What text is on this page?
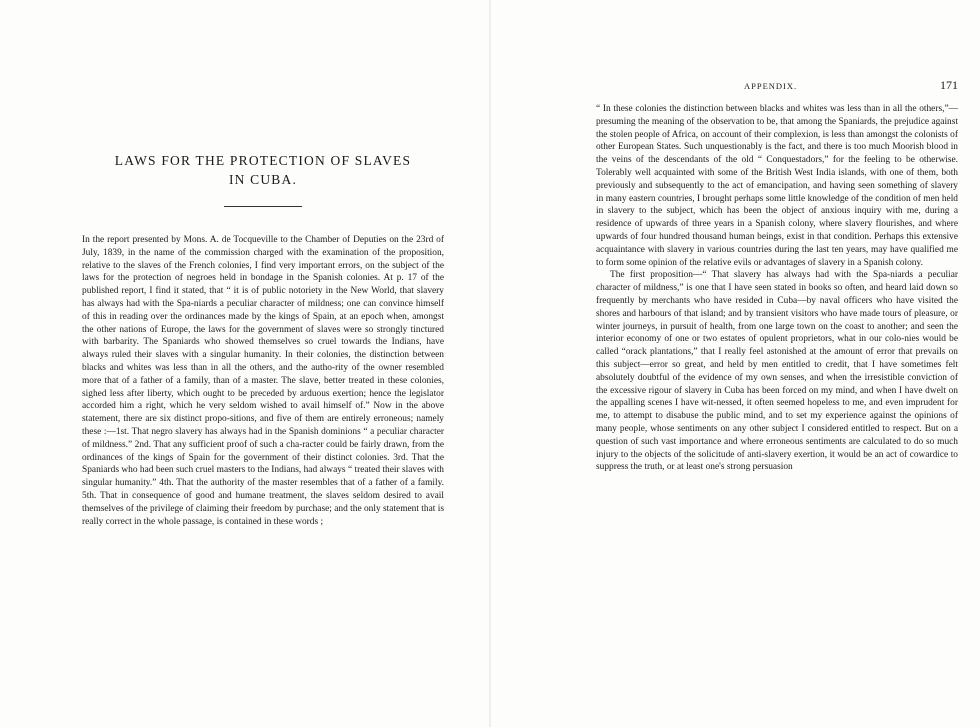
LAWS FOR THE PROTECTION OF SLAVES
IN CUBA.

In the report presented by Mons. A. de Tocqueville to the Chamber of Deputies on the 23rd of July, 1839, in the name of the commission charged with the examination of the proposition, relative to the slaves of the French colonies, I find very important errors, on the subject of the laws for the protection of negroes held in bondage in the Spanish colonies. At p. 17 of the published report, I find it stated, that “ it is of public notoriety in the New World, that slavery has always had with the Spa-niards a peculiar character of mildness; one can convince himself of this in reading over the ordinances made by the kings of Spain, at an epoch when, amongst the other nations of Europe, the laws for the government of slaves were so strongly tinctured with barbarity. The Spaniards who showed themselves so cruel towards the Indians, have always ruled their slaves with a singular humanity. In their colonies, the distinction between blacks and whites was less than in all the others, and the autho-rity of the owner resembled more that of a father of a family, than of a master. The slave, better treated in these colonies, sighed less after liberty, which ought to be preceded by arduous exertion; hence the legislator accorded him a right, which he very seldom wished to avail himself of.” Now in the above statement, there are six distinct propo-sitions, and five of them are entirely erroneous; namely these :—1st. That negro slavery has always had in the Spanish dominions “ a peculiar character of mildness.” 2nd. That any sufficient proof of such a cha-racter could be fairly drawn, from the ordinances of the kings of Spain for the government of their distinct colonies. 3rd. That the Spaniards who had been such cruel masters to the Indians, had always “ treated their slaves with singular humanity.” 4th. That the authority of the master resembles that of a father of a family. 5th. That in consequence of good and humane treatment, the slaves seldom desired to avail themselves of the privilege of claiming their freedom by purchase; and the only statement that is really correct in the whole passage, is contained in these words ;

APPENDIX.	171

“ In these colonies the distinction between blacks and whites was less than in all the others,”—presuming the meaning of the observation to be, that among the Spaniards, the prejudice against the stolen people of Africa, on account of their complexion, is less than amongst the colonists of other European States. Such unquestionably is the fact, and there is too much Moorish blood in the veins of the descendants of the old “ Conquestadors,” for the feeling to be otherwise. Tolerably well acquainted with some of the British West India islands, with one of them, both previously and subsequently to the act of emancipation, and having seen something of slavery in many eastern countries, I brought perhaps some little knowledge of the condition of men held in slavery to the subject, which has been the object of anxious inquiry with me, during a residence of upwards of three years in a Spanish colony, where slavery flourishes, and where upwards of four hundred thousand human beings, exist in that condition. Perhaps this extensive acquaintance with slavery in various countries during the last ten years, may have qualified me to form some opinion of the relative evils or advantages of slavery in a Spanish colony.

The first proposition—“ That slavery has always had with the Spa-niards a peculiar character of mildness,” is one that I have seen stated in books so often, and heard laid down so frequently by merchants who have resided in Cuba—by naval officers who have visited the shores and harbours of that island; and by transient visitors who have made tours of pleasure, or winter journeys, in pursuit of health, from one large town on the coast to another; and seen the interior economy of one or two estates of opulent proprietors, what in our colo-nies would be called “orack plantations,” that I really feel astonished at the amount of error that prevails on this subject—error so great, and held by men entitled to credit, that I have sometimes felt absolutely doubtful of the evidence of my own senses, and when the irresistible conviction of the excessive rigour of slavery in Cuba has been forced on my mind, and when I have dwelt on the appalling scenes I have wit-nessed, it often seemed hopeless to me, and even imprudent for me, to attempt to disabuse the public mind, and to set my experience against the opinions of many people, whose sentiments on any other subject I considered entitled to respect. But on a question of such vast importance and where erroneous sentiments are calculated to do so much injury to the objects of the solicitude of anti-slavery exertion, it would be an act of cowardice to suppress the truth, or at least one's strong persuasion
